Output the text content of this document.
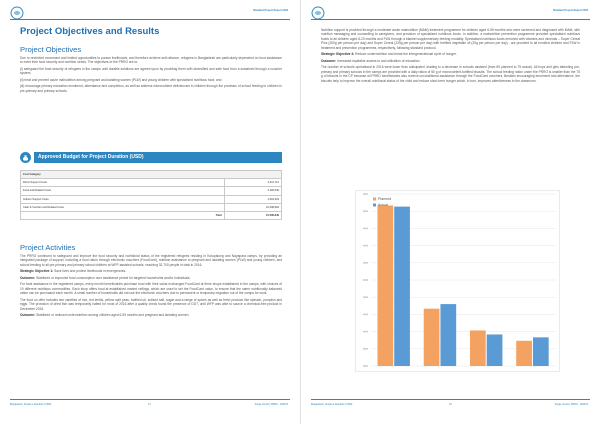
Standard Project Report 2016
Project Objectives and Results
Project Objectives

Due to restricted movement and limited opportunities to pursue livelihoods, and therefore achieve self-reliance, refugees in Bangladesh are particularly dependent on food assistance to meet their food security and nutrition needs. The objectives of the PRRO are to:

(i) safeguard the food security of refugees in the camps until durable solutions are agreed upon by providing them with diversified and safe food from a sustained through a voucher system;

(ii) treat and prevent acute malnutrition among pregnant and lactating women (PLW) and young children with specialised nutritious food; and

(iii) encourage primary education enrolment, attendance and completion, as well as address micronutrient deficiencies in children through the provision of school feeding to children in pre-primary and primary schools.

Approved Budget for Project Duration (USD)
Cost Category	
Direct Support Costs	2,011,714
Food and Related Costs	4,196,649
Indirect Support Costs	1,004,324
Cash & Voucher and Related Costs	10,608,994
Total	15,590,849
Project Activities

The PRRO continued to safeguard and improve the food security and nutritional status of the registered refugees residing in Kutupalong and Nayapara camps, by providing an integrated package of support, including a food ration through electronic vouchers (FoodCard), nutrition assistance to pregnant and lactating women (PLW) and young children, and school feeding to all pre-primary and primary school children at WFP-assisted schools, reaching 32,700 people in total in 2016.

Strategic Objective 1: Save lives and protect livelihoods in emergencies.

Outcome: Stabilized or improved food consumption over assistance period for targeted households and/or individuals.

For food assistance in the registered camps, every month beneficiaries purchase food with their value-exchanged FoodCard at three shops established in the camps, with choices of 19 different nutritious commodities. Each shop offers food at established market ceilings, which are used to set the FoodCard value, to ensure that the same nutritionally balanced ration can be purchased each month. A small number of households did not use the electronic vouchers due to permanent or temporary migration out of the camps for work.

The food on offer includes two varieties of rice, red lentils, yellow split peas, fortified oil, iodised salt, sugar and a range of spices as well as fresh produce like spinach, pumpkin and eggs. The provision of dried fish was temporarily halted for most of 2016 after a quality check found the presence of DDT, until WFP was able to source a chemical-free product in December 2016.

Outcome: Stabilized or reduced undernutrition among children aged 6-59 months and pregnant and lactating women.

Bangladesh, People's Republic of (BD)	14	Single Country PRRO - 200673
Standard Project Report 2016

Nutrition support is provided through a moderate acute malnutrition (MAM) treatment programme for children aged 6-59 months who were screened and diagnosed with MAM, with nutrition messaging and counselling to caregivers, and provision of specialised nutritious foods. In addition, a malnutrition prevention programme provided specialised nutritious foods to all children aged 6-23 months and PLW through a blanket supplementary feeding modality. Specialised nutritious foods enriched with vitamins and minerals – Super Cereal Plus (200g per person per day) and Super Cereal (225g per person per day) with fortified vegetable oil (20g per person per day) - are provided to all enrolled children and PLW in treatment and prevention programmes, respectively, following standard protocol.

Strategic Objective 4: Reduce undernutrition and break the intergenerational cycle of hunger.

Outcome: Increased equitable access to and utilization of education.

The number of schools operational in 2016 were lower than anticipated, leading to a decrease in schools assisted (from 89 planned to 75 actual). All boys and girls attending pre-primary and primary schools in the camps are provided with a daily ration of 50 g of micronutrient-fortified biscuits. The school feeding ration under the PRRO is smaller than the 75 g of biscuits in the CP because all PRRO beneficiaries also receive unconditional assistance through the FoodCard vouchers. Besides encouraging enrolment and attendance, the biscuits help to improve the overall nutritional status of the child and reduce short-term hunger which, in turn, improves attentiveness in the classroom.

Bangladesh, People's Republic of (BD)	15	Single Country PRRO - 200673
Planned
Actual
